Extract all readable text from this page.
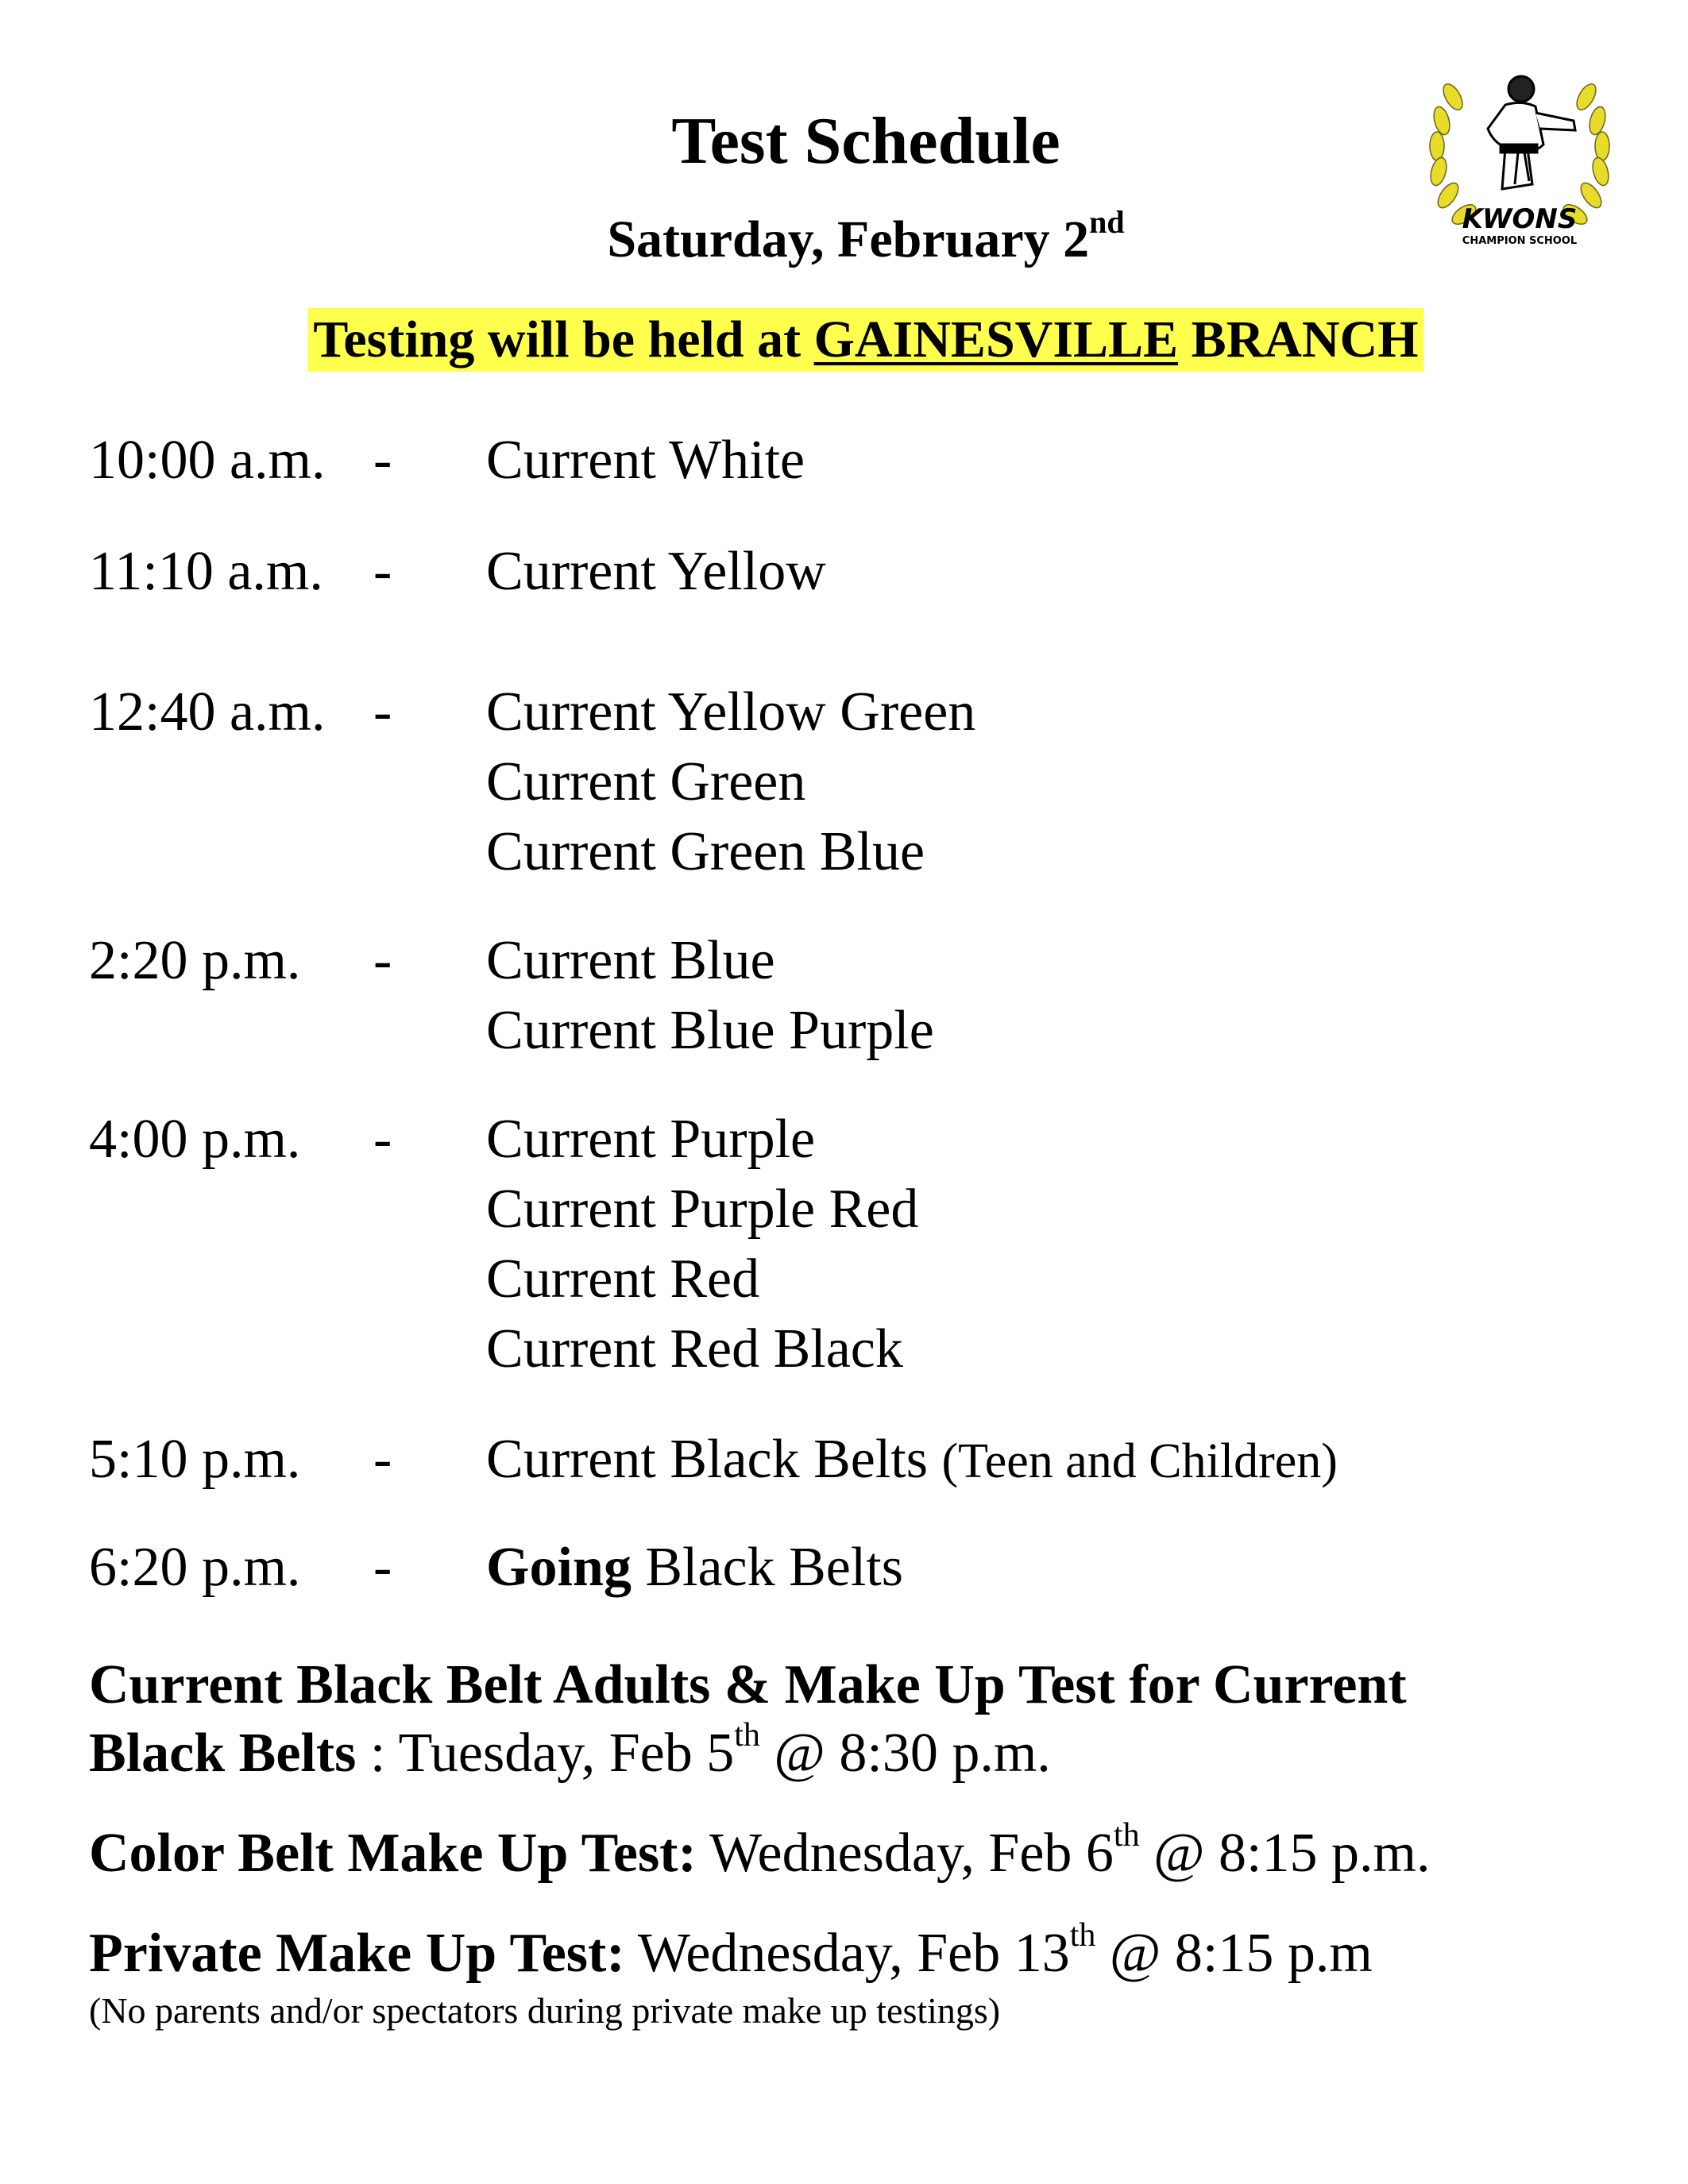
Test Schedule
Saturday, February 2nd
Testing will be held at GAINESVILLE BRANCH
KWONS
CHAMPION SCHOOL
10:00 a.m. - Current White
11:10 a.m. - Current Yellow
12:40 a.m. - Current Yellow Green
Current Green
Current Green Blue
2:20 p.m. - Current Blue
Current Blue Purple
4:00 p.m. - Current Purple
Current Purple Red
Current Red
Current Red Black
5:10 p.m. - Current Black Belts (Teen and Children)
6:20 p.m. - Going Black Belts
Current Black Belt Adults & Make Up Test for Current
Black Belts : Tuesday, Feb 5th @ 8:30 p.m.
Color Belt Make Up Test: Wednesday, Feb 6th @ 8:15 p.m.
Private Make Up Test: Wednesday, Feb 13th @ 8:15 p.m
(No parents and/or spectators during private make up testings)
